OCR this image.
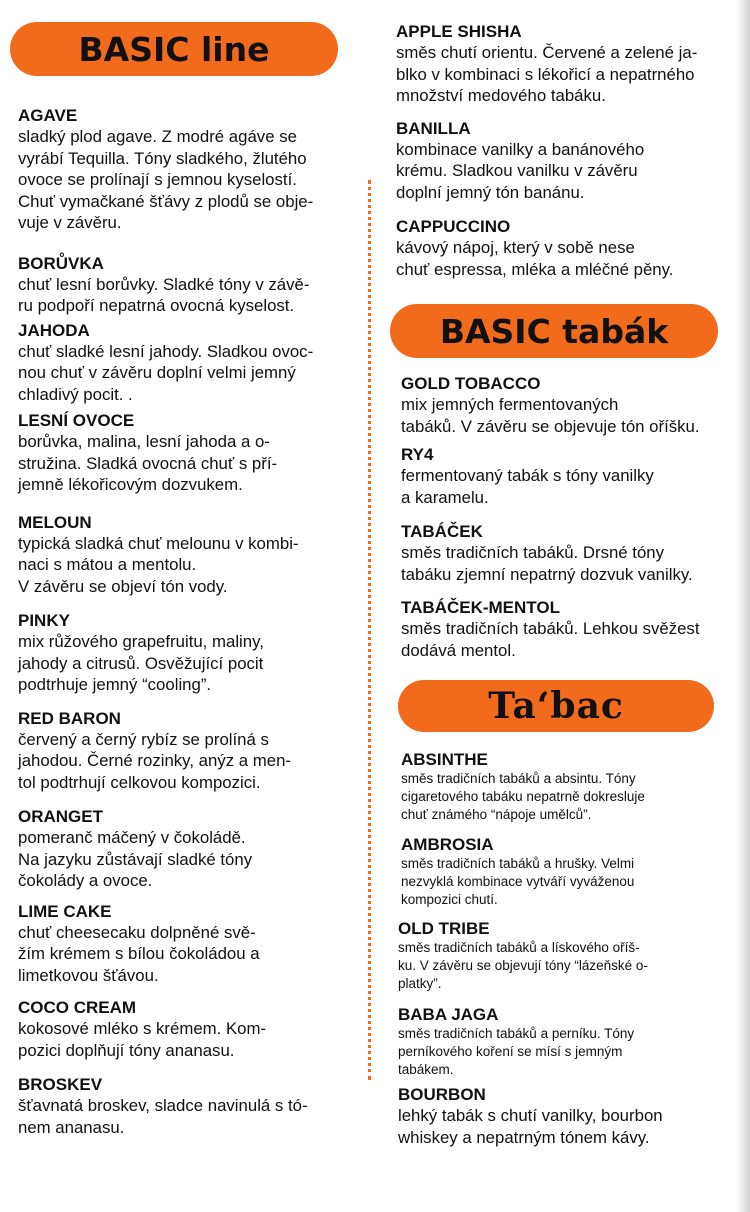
BASIC line

AGAVE

sladký plod agave. Z modré agáve se
vyrábí Tequilla. Tóny sladkého, žlutého
ovoce se prolínají s jemnou kyselostí.
Chuť vymačkané šťávy z plodů se obje-
vuje v závěru.

BORŮVKA

chuť lesní borůvky. Sladké tóny v závě-
ru podpoří nepatrná ovocná kyselost.

JAHODA

chuť sladké lesní jahody. Sladkou ovoc-
nou chuť v závěru doplní velmi jemný
chladivý pocit. .

LESNÍ OVOCE

borůvka, malina, lesní jahoda a o-
stružina. Sladká ovocná chuť s pří-
jemně lékořicovým dozvukem.

MELOUN

typická sladká chuť melounu v kombi-
naci s mátou a mentolu.
V závěru se objeví tón vody.

PINKY

mix růžového grapefruitu, maliny,
jahody a citrusů. Osvěžující pocit
podtrhuje jemný “cooling”.

RED BARON

červený a černý rybíz se prolíná s
jahodou. Černé rozinky, anýz a men-
tol podtrhují celkovou kompozici.

ORANGET

pomeranč máčený v čokoládě.
Na jazyku zůstávají sladké tóny
čokolády a ovoce.

LIME CAKE

chuť cheesecaku dolpněné svě-
žím krémem s bílou čokoládou a
limetkovou šťávou.

COCO CREAM

kokosové mléko s krémem. Kom-
pozici doplňují tóny ananasu.

BROSKEV

šťavnatá broskev, sladce navinulá s tó-
nem ananasu.

APPLE SHISHA

směs chutí orientu. Červené a zelené ja-
blko v kombinaci s lékořicí a nepatrného
množství medového tabáku.

BANILLA

kombinace vanilky a banánového
krému. Sladkou vanilku v závěru
doplní jemný tón banánu.

CAPPUCCINO

kávový nápoj, který v sobě nese
chuť espressa, mléka a mléčné pěny.

BASIC tabák

GOLD TOBACCO

mix jemných fermentovaných
tabáků. V závěru se objevuje tón oříšku.

RY4

fermentovaný tabák s tóny vanilky
a karamelu.

TABÁČEK

směs tradičních tabáků. Drsné tóny
tabáku zjemní nepatrný dozvuk vanilky.

TABÁČEK-MENTOL

směs tradičních tabáků. Lehkou svěžest
dodává mentol.

Ta‘bac

ABSINTHE

směs tradičních tabáků a absintu. Tóny
cigaretového tabáku nepatrně dokresluje
chuť známého “nápoje umělců”.

AMBROSIA

směs tradičních tabáků a hrušky. Velmi
nezvyklá kombinace vytváří vyváženou
kompozici chutí.

OLD TRIBE

směs tradičních tabáků a lískového oříš-
ku. V závěru se objevují tóny “lázeňské o-
platky”.

BABA JAGA

směs tradičních tabáků a perníku. Tóny
perníkového koření se mísí s jemným
tabákem.

BOURBON

lehký tabák s chutí vanilky, bourbon
whiskey a nepatrným tónem kávy.
